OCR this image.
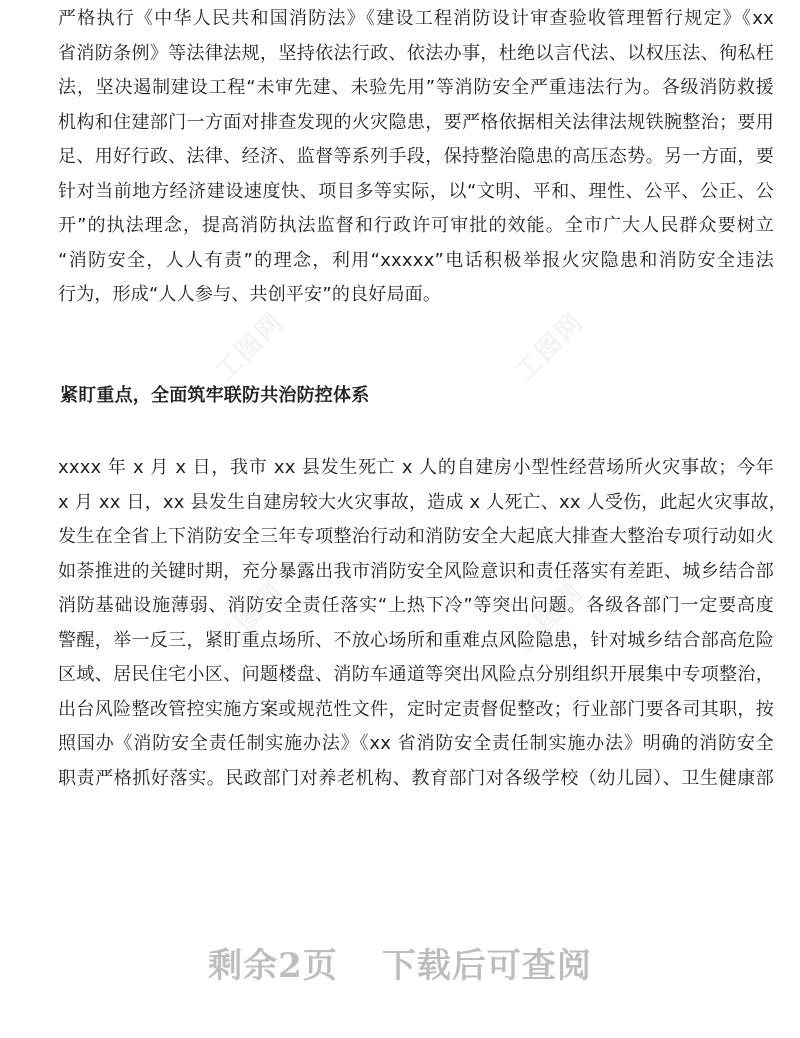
工图网	工图网
工图网	工图网
严格执行《中华人民共和国消防法》《建设工程消防设计审查验收管理暂行规定》《xx
省消防条例》等法律法规，坚持依法行政、依法办事，杜绝以言代法、以权压法、徇私枉
法，坚决遏制建设工程“未审先建、未验先用”等消防安全严重违法行为。各级消防救援
机构和住建部门一方面对排查发现的火灾隐患，要严格依据相关法律法规铁腕整治；要用
足、用好行政、法律、经济、监督等系列手段，保持整治隐患的高压态势。另一方面，要
针对当前地方经济建设速度快、项目多等实际，以“文明、平和、理性、公平、公正、公
开”的执法理念，提高消防执法监督和行政许可审批的效能。全市广大人民群众要树立
“消防安全，人人有责”的理念，利用“xxxxx”电话积极举报火灾隐患和消防安全违法
行为，形成“人人参与、共创平安”的良好局面。
紧盯重点，全面筑牢联防共治防控体系
xxxx 年 x 月 x 日，我市 xx 县发生死亡 x 人的自建房小型性经营场所火灾事故；今年
x 月 xx 日，xx 县发生自建房较大火灾事故，造成 x 人死亡、xx 人受伤，此起火灾事故，
发生在全省上下消防安全三年专项整治行动和消防安全大起底大排查大整治专项行动如火
如荼推进的关键时期，充分暴露出我市消防安全风险意识和责任落实有差距、城乡结合部
消防基础设施薄弱、消防安全责任落实“上热下冷”等突出问题。各级各部门一定要高度
警醒，举一反三，紧盯重点场所、不放心场所和重难点风险隐患，针对城乡结合部高危险
区域、居民住宅小区、问题楼盘、消防车通道等突出风险点分别组织开展集中专项整治，
出台风险整改管控实施方案或规范性文件，定时定责督促整改；行业部门要各司其职，按
照国办《消防安全责任制实施办法》《xx 省消防安全责任制实施办法》明确的消防安全
职责严格抓好落实。民政部门对养老机构、教育部门对各级学校（幼儿园）、卫生健康部
剩余2页 下载后可查阅
